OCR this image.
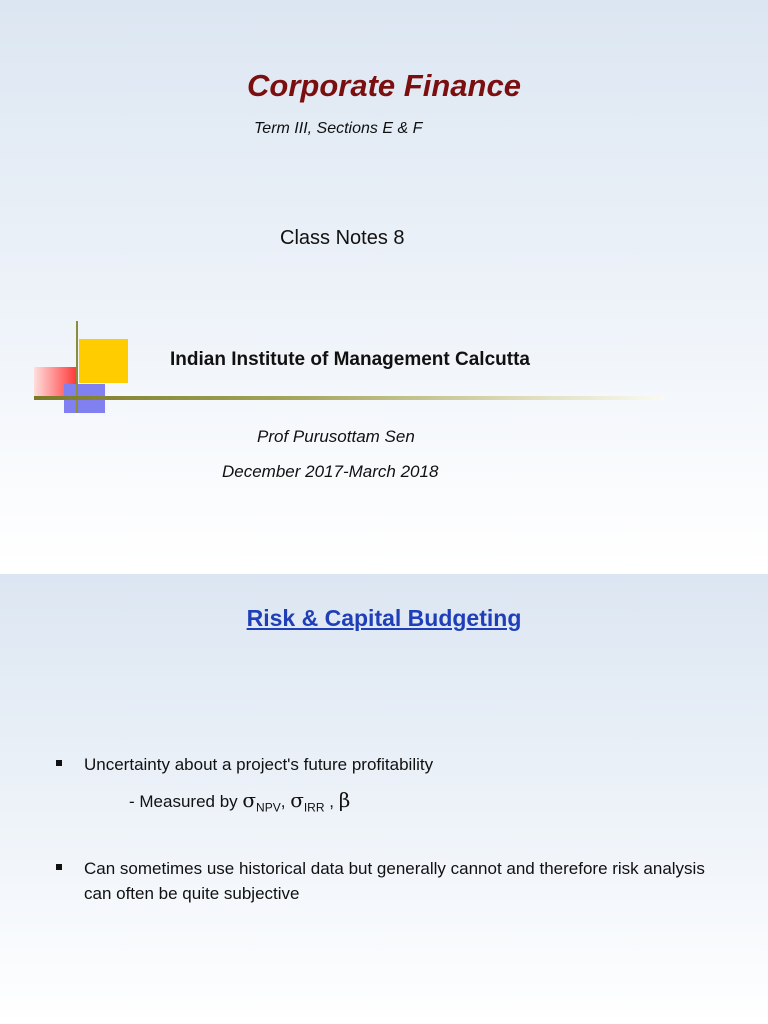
Corporate Finance
Term III, Sections E & F
Class Notes 8
Indian Institute of Management Calcutta
Prof Purusottam Sen
December 2017-March 2018
Risk & Capital Budgeting
Uncertainty about a project's future profitability
- Measured by $\sigma_{NPV}$, $\sigma_{IRR}$ , β
Can sometimes use historical data but generally cannot and therefore risk analysis can often be quite subjective
